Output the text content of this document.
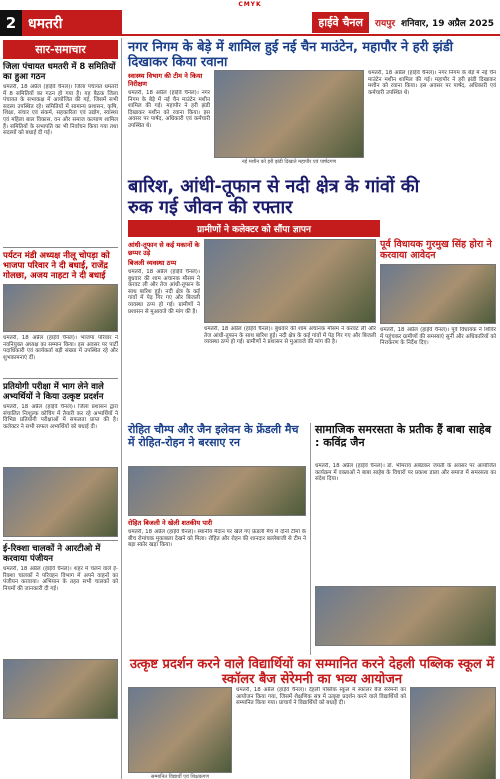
CMYK
2 धमतरी	हाईवे चैनल	रायपुर शनिवार, 19 अप्रैल 2025
सार-समाचार
जिला पंचायत धमतरी में 8 समितियों का हुआ गठन
धमतरी, 18 अप्रैल (हाईवे चैनल)। जिला पंचायत धमतरी में 8 समितियों का गठन हो गया है। यह बैठक जिला पंचायत के सभाकक्ष में आयोजित की गई, जिसमें सभी सदस्य उपस्थित रहे। समितियों में सामान्य प्रशासन, कृषि, शिक्षा, संचार एवं संकर्म, सहकारिता एवं उद्योग, स्वास्थ्य एवं महिला बाल विकास, वन और समाज कल्याण शामिल हैं। समितियों के सभापति का भी निर्वाचन किया गया तथा सदस्यों को बधाई दी गई।
पर्यटन मंडी अध्यक्ष नीलू चोपड़ा को भाजपा परिवार ने दी बधाई, राजेंद्र गोलछा, अजय नाहटा ने दी बधाई
धमतरी, 18 अप्रैल (हाईवे चैनल)। भाजपा परिवार ने नवनियुक्त अध्यक्ष का सम्मान किया। इस अवसर पर पार्टी पदाधिकारी एवं कार्यकर्ता बड़ी संख्या में उपस्थित रहे और शुभकामनाएं दीं।
प्रतियोगी परीक्षा में भाग लेने वाले अभ्यर्थियों ने किया उत्कृष्ट प्रदर्शन
धमतरी, 18 अप्रैल (हाईवे चैनल)। जिला प्रशासन द्वारा संचालित निःशुल्क कोचिंग में तैयारी कर रहे अभ्यर्थियों ने विभिन्न प्रतियोगी परीक्षाओं में सफलता प्राप्त की है। कलेक्टर ने सभी सफल अभ्यर्थियों को बधाई दी।
ई-रिक्शा चालकों ने आरटीओ में करवाया पंजीयन
धमतरी, 18 अप्रैल (हाईवे चैनल)। शहर में चलने वाले ई-रिक्शा चालकों ने परिवहन विभाग में अपने वाहनों का पंजीयन करवाया। अभियान के तहत सभी चालकों को नियमों की जानकारी दी गई।
नगर निगम के बेड़े में शामिल हुई नई चैन माउंटेन, महापौर ने हरी झंडी दिखाकर किया रवाना
स्वास्थ्य विभाग की टीम ने किया निरीक्षण
धमतरी, 18 अप्रैल (हाईवे चैनल)। नगर निगम के बेड़े में नई चैन माउंटेन मशीन शामिल की गई। महापौर ने हरी झंडी दिखाकर मशीन को रवाना किया। इस अवसर पर पार्षद, अधिकारी एवं कर्मचारी उपस्थित थे।
नई मशीन को हरी झंडी दिखाते महापौर एवं पार्षदगण
धमतरी, 18 अप्रैल (हाईवे चैनल)। नगर निगम के बेड़े में नई चैन माउंटेन मशीन शामिल की गई। महापौर ने हरी झंडी दिखाकर मशीन को रवाना किया। इस अवसर पर पार्षद, अधिकारी एवं कर्मचारी उपस्थित थे।
बारिश, आंधी-तूफान से नदी क्षेत्र के गांवों की रुक गई जीवन की रफ्तार
ग्रामीणों ने कलेक्टर को सौंपा ज्ञापन
आंधी-तूफान से कई मकानों के छप्पर उड़े
बिजली व्यवस्था ठप्प
धमतरी, 18 अप्रैल (हाईवे चैनल)। बुधवार की शाम अचानक मौसम ने करवट ली और तेज आंधी-तूफान के साथ बारिश हुई। नदी क्षेत्र के कई गांवों में पेड़ गिर गए और बिजली व्यवस्था ठप्प हो गई। ग्रामीणों ने प्रशासन से मुआवजे की मांग की है।
धमतरी, 18 अप्रैल (हाईवे चैनल)। बुधवार की शाम अचानक मौसम ने करवट ली और तेज आंधी-तूफान के साथ बारिश हुई। नदी क्षेत्र के कई गांवों में पेड़ गिर गए और बिजली व्यवस्था ठप्प हो गई। ग्रामीणों ने प्रशासन से मुआवजे की मांग की है।
पूर्व विधायक गुरमुख सिंह होरा ने करवाया आवेदन
धमतरी, 18 अप्रैल (हाईवे चैनल)। पूर्व विधायक ने शिविर में पहुंचकर ग्रामीणों की समस्याएं सुनीं और अधिकारियों को निराकरण के निर्देश दिए।
रोहित चौम्प और जैन इलेवन के फ्रेंडली मैच में रोहित-रोहन ने बरसाए रन
रोहित बिजली ने खेली शतकीय पारी
धमतरी, 18 अप्रैल (हाईवे चैनल)। स्थानीय मैदान पर खेले गए फ्रेंडली मैच में दोनों टीमों के बीच रोमांचक मुकाबला देखने को मिला। रोहित और रोहन की शानदार बल्लेबाजी से टीम ने बड़ा स्कोर खड़ा किया।
सामाजिक समरसता के प्रतीक हैं बाबा साहेब : कविंद्र जैन
धमतरी, 18 अप्रैल (हाईवे चैनल)। डॉ. भीमराव अंबेडकर जयंती के अवसर पर आयोजित कार्यक्रम में वक्ताओं ने बाबा साहेब के विचारों पर प्रकाश डाला और समाज में समरसता का संदेश दिया।
उत्कृष्ट प्रदर्शन करने वाले विद्यार्थियों का सम्मानित करने देहली पब्लिक स्कूल में स्कॉलर बैज सेरेमनी का भव्य आयोजन
सम्मानित विद्यार्थी एवं शिक्षकगण
धमतरी, 18 अप्रैल (हाईवे चैनल)। देहली पब्लिक स्कूल में स्कॉलर बैज सेरेमनी का आयोजन किया गया, जिसमें शैक्षणिक सत्र में उत्कृष्ट प्रदर्शन करने वाले विद्यार्थियों को सम्मानित किया गया। प्राचार्य ने विद्यार्थियों को बधाई दी।
